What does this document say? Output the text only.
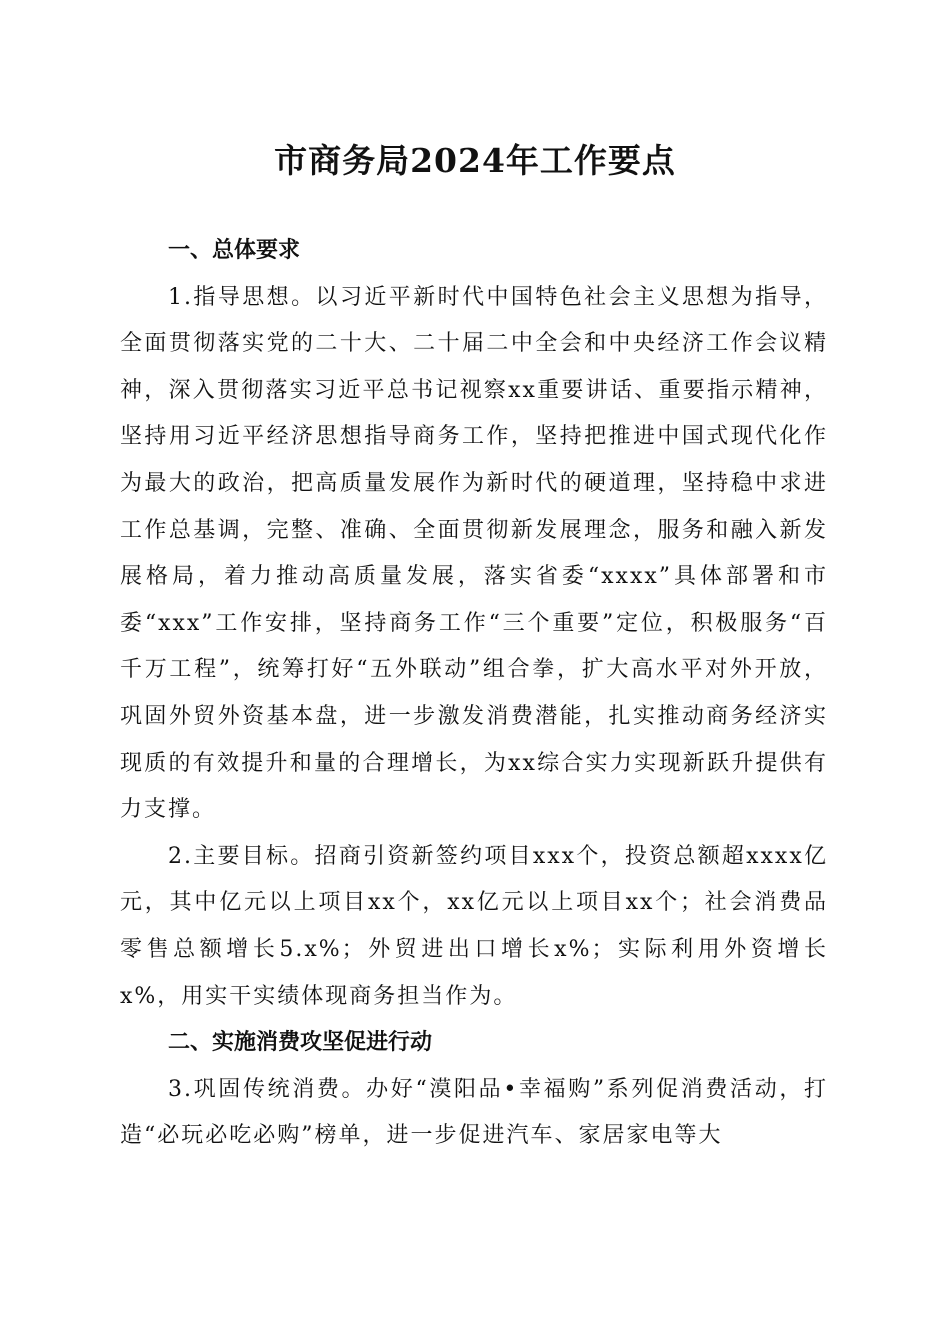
市商务局2024年工作要点

一、总体要求

1.指导思想。以习近平新时代中国特色社会主义思想为指导，全面贯彻落实党的二十大、二十届二中全会和中央经济工作会议精神，深入贯彻落实习近平总书记视察xx重要讲话、重要指示精神，坚持用习近平经济思想指导商务工作，坚持把推进中国式现代化作为最大的政治，把高质量发展作为新时代的硬道理，坚持稳中求进工作总基调，完整、准确、全面贯彻新发展理念，服务和融入新发展格局，着力推动高质量发展，落实省委“xxxx”具体部署和市委“xxx”工作安排，坚持商务工作“三个重要”定位，积极服务“百千万工程”，统筹打好“五外联动”组合拳，扩大高水平对外开放，巩固外贸外资基本盘，进一步激发消费潜能，扎实推动商务经济实现质的有效提升和量的合理增长，为xx综合实力实现新跃升提供有力支撑。

2.主要目标。招商引资新签约项目xxx个，投资总额超xxxx亿元，其中亿元以上项目xx个，xx亿元以上项目xx个；社会消费品零售总额增长5.x%；外贸进出口增长x%；实际利用外资增长x%，用实干实绩体现商务担当作为。

二、实施消费攻坚促进行动

3.巩固传统消费。办好“漠阳品•幸福购”系列促消费活动，打造“必玩必吃必购”榜单，进一步促进汽车、家居家电等大
